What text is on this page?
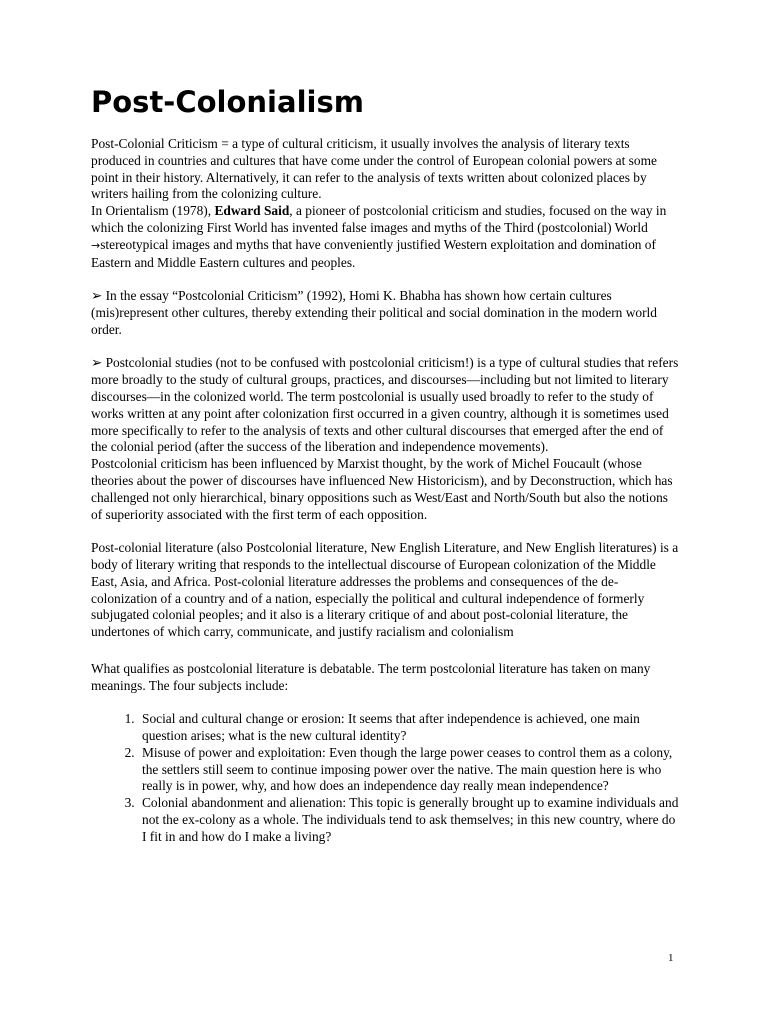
Post-Colonialism

Post-Colonial Criticism = a type of cultural criticism, it usually involves the analysis of literary texts produced in countries and cultures that have come under the control of European colonial powers at some point in their history. Alternatively, it can refer to the analysis of texts written about colonized places by writers hailing from the colonizing culture.

In Orientalism (1978), Edward Said, a pioneer of postcolonial criticism and studies, focused on the way in which the colonizing First World has invented false images and myths of the Third (postcolonial) World →stereotypical images and myths that have conveniently justified Western exploitation and domination of Eastern and Middle Eastern cultures and peoples.

➢ In the essay “Postcolonial Criticism” (1992), Homi K. Bhabha has shown how certain cultures (mis)represent other cultures, thereby extending their political and social domination in the modern world order.

➢ Postcolonial studies (not to be confused with postcolonial criticism!) is a type of cultural studies that refers more broadly to the study of cultural groups, practices, and discourses—including but not limited to literary discourses—in the colonized world. The term postcolonial is usually used broadly to refer to the study of works written at any point after colonization first occurred in a given country, although it is sometimes used more specifically to refer to the analysis of texts and other cultural discourses that emerged after the end of the colonial period (after the success of the liberation and independence movements).

Postcolonial criticism has been influenced by Marxist thought, by the work of Michel Foucault (whose theories about the power of discourses have influenced New Historicism), and by Deconstruction, which has challenged not only hierarchical, binary oppositions such as West/East and North/South but also the notions of superiority associated with the first term of each opposition.

Post-colonial literature (also Postcolonial literature, New English Literature, and New English literatures) is a body of literary writing that responds to the intellectual discourse of European colonization of the Middle East, Asia, and Africa. Post-colonial literature addresses the problems and consequences of the de-colonization of a country and of a nation, especially the political and cultural independence of formerly subjugated colonial peoples; and it also is a literary critique of and about post-colonial literature, the undertones of which carry, communicate, and justify racialism and colonialism

What qualifies as postcolonial literature is debatable. The term postcolonial literature has taken on many meanings. The four subjects include:

1. Social and cultural change or erosion: It seems that after independence is achieved, one main question arises; what is the new cultural identity?
2. Misuse of power and exploitation: Even though the large power ceases to control them as a colony, the settlers still seem to continue imposing power over the native. The main question here is who really is in power, why, and how does an independence day really mean independence?
3. Colonial abandonment and alienation: This topic is generally brought up to examine individuals and not the ex-colony as a whole. The individuals tend to ask themselves; in this new country, where do I fit in and how do I make a living?
1
